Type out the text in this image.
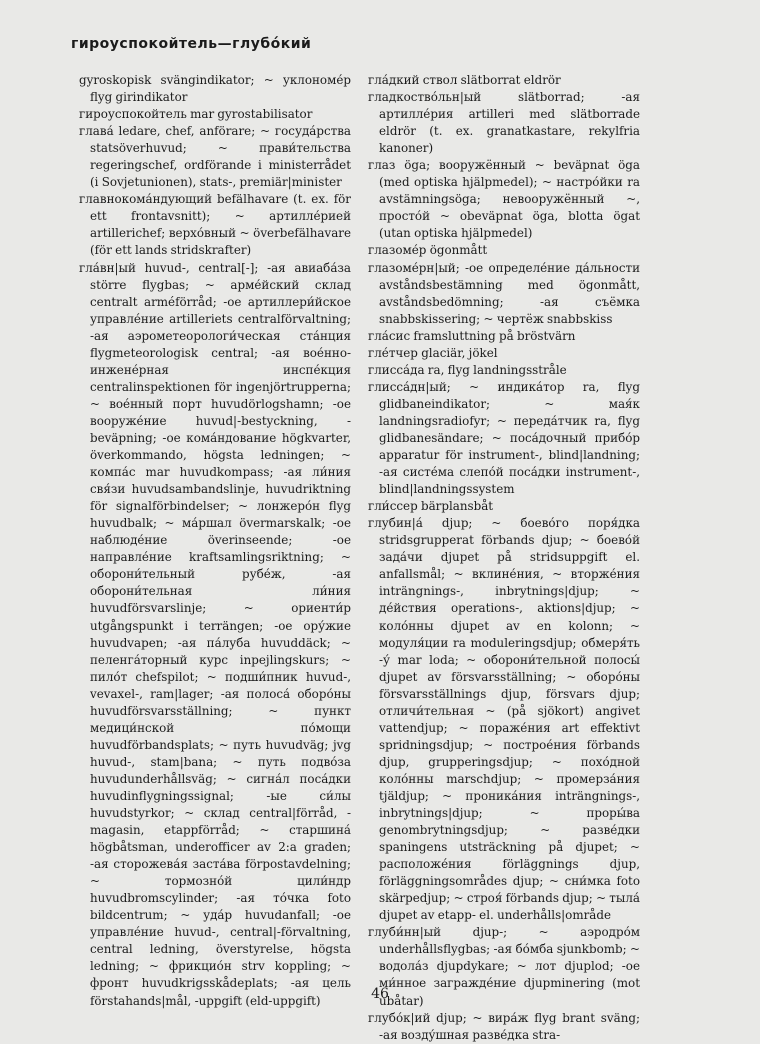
гироуспокойтель—глубо́кий

gyroskopisk svängindikator; ~ уклономе́р flyg girindikator

гироуспокойтель mar gyrostabilisator

глава́ ledare, chef, anförare; ~ госуда́рства statsöverhuvud; ~ прави́тельства regeringschef, ordförande i ministerrådet (i Sovjetunionen), stats-, premiär|minister

главнокома́ндующий befälhavare (t. ex. för ett frontavsnitt); ~ артилле́рией artillerichef; верхо́вный ~ överbefälhavare (för ett lands stridskrafter)

гла́вн|ый huvud-, central[-]; -ая авиаба́за större flygbas; ~ арме́йский склад centralt arméförråd; -ое артиллери́йское управле́ние artilleriets centralförvaltning; -ая аэрометеорологи́ческая ста́нция flygmeteorologisk central; -ая вое́нно-инжене́рная инспе́кция centralinspektionen för ingenjörtrupperna; ~ вое́нный порт huvudörlogshamn; -ое вооруже́ние huvud|-bestyckning, -beväpning; -ое кома́ндование högkvarter, överkommando, högsta ledningen; ~ компа́с mar huvudkompass; -ая ли́ния свя́зи huvudsambandslinje, huvudriktning för signalförbindelser; ~ лонжеро́н flyg huvudbalk; ~ ма́ршал övermarskalk; -ое наблюде́ние överinseende; -ое направле́ние kraftsamlingsriktning; ~ оборони́тельный рубе́ж, -ая оборони́тельная ли́ния huvudförsvarslinje; ~ ориенти́р utgångspunkt i terrängen; -ое ору́жие huvudvapen; -ая па́луба huvuddäck; ~ пеленга́торный курс inpejlingskurs; ~ пило́т chefspilot; ~ подши́пник huvud-, vevaxel-, ram|lager; -ая полоса́ оборо́ны huvudförsvarsställning; ~ пункт медици́нской по́мощи huvudförbandsplats; ~ путь huvudväg; jvg huvud-, stam|bana; ~ путь подво́за huvudunderhållsväg; ~ сигна́л поса́дки huvudinflygningssignal; -ые си́лы huvudstyrkor; ~ склад central|förråd, -magasin, etappförråd; ~ старшина́ högbåtsman, underofficer av 2:a graden; -ая сторожева́я заста́ва förpostavdelning; ~ тормозно́й цили́ндр huvudbromscylinder; -ая то́чка foto bildcentrum; ~ уда́р huvudanfall; -ое управле́ние huvud-, central|-förvaltning, central ledning, överstyrelse, högsta ledning; ~ фрикцио́н strv koppling; ~ фронт huvudkrigsskådeplats; -ая цель förstahands|mål, -uppgift (eld-uppgift)

гла́дкий ствол slätborrat eldrör

гладкоство́льн|ый slätborrad; -ая артилле́рия artilleri med slätborrade eldrör (t. ex. granatkastare, rekylfria kanoner)

глаз öga; вооружённый ~ beväpnat öga (med optiska hjälpmedel); ~ настро́йки ra avstämningsöga; невооружённый ~, просто́й ~ obeväpnat öga, blotta ögat (utan optiska hjälpmedel)

глазоме́р ögonmått

глазоме́рн|ый; -ое определе́ние да́льности avståndsbestämning med ögonmått, avståndsbedömning; -ая съёмка snabbskissering; ~ чертёж snabbskiss

гла́сис framsluttning på bröstvärn

гле́тчер glaciär, jökel

глисса́да ra, flyg landningsstråle

глисса́дн|ый; ~ индика́тор ra, flyg glidbaneindikator; ~ мая́к landningsradiofyr; ~ переда́тчик ra, flyg glidbanesändare; ~ поса́дочный прибо́р apparatur för instrument-, blind|landning; -ая систе́ма слепо́й поса́дки instrument-, blind|landningssystem

гли́ссер bärplansbåt

глубин|а́ djup; ~ боево́го поря́дка stridsgrupperat förbands djup; ~ боево́й зада́чи djupet på stridsuppgift el. anfallsmål; ~ вклине́ния, ~ вторже́ния inträngnings-, inbrytnings|djup; ~ де́йствия operations-, aktions|djup; ~ коло́нны djupet av en kolonn; ~ модуля́ции ra moduleringsdjup; обмеря́ть -у́ mar loda; ~ оборони́тельной полосы́ djupet av försvarsställning; ~ оборо́ны försvarsställnings djup, försvars djup; отличи́тельная ~ (på sjökort) angivet vattendjup; ~ пораже́ния art effektivt spridningsdjup; ~ построе́ния förbands djup, grupperingsdjup; ~ похо́дной коло́нны marschdjup; ~ промерза́ния tjäldjup; ~ проника́ния inträngnings-, inbrytnings|djup; ~ проры́ва genombrytningsdjup; ~ разве́дки spaningens utsträckning på djupet; ~ расположе́ния förläggnings djup, förläggningsområdes djup; ~ сни́мка foto skärpedjup; ~ строя́ förbands djup; ~ тыла́ djupet av etapp- el. underhålls|område

глуби́нн|ый djup-; ~ аэродро́м underhållsflygbas; -ая бо́мба sjunkbomb; ~ водола́з djupdykare; ~ лот djuplod; -ое ми́нное загражде́ние djupminering (mot ubåtar)

глубо́к|ий djup; ~ вира́ж flyg brant sväng; -ая возду́шная разве́дка stra-

46
